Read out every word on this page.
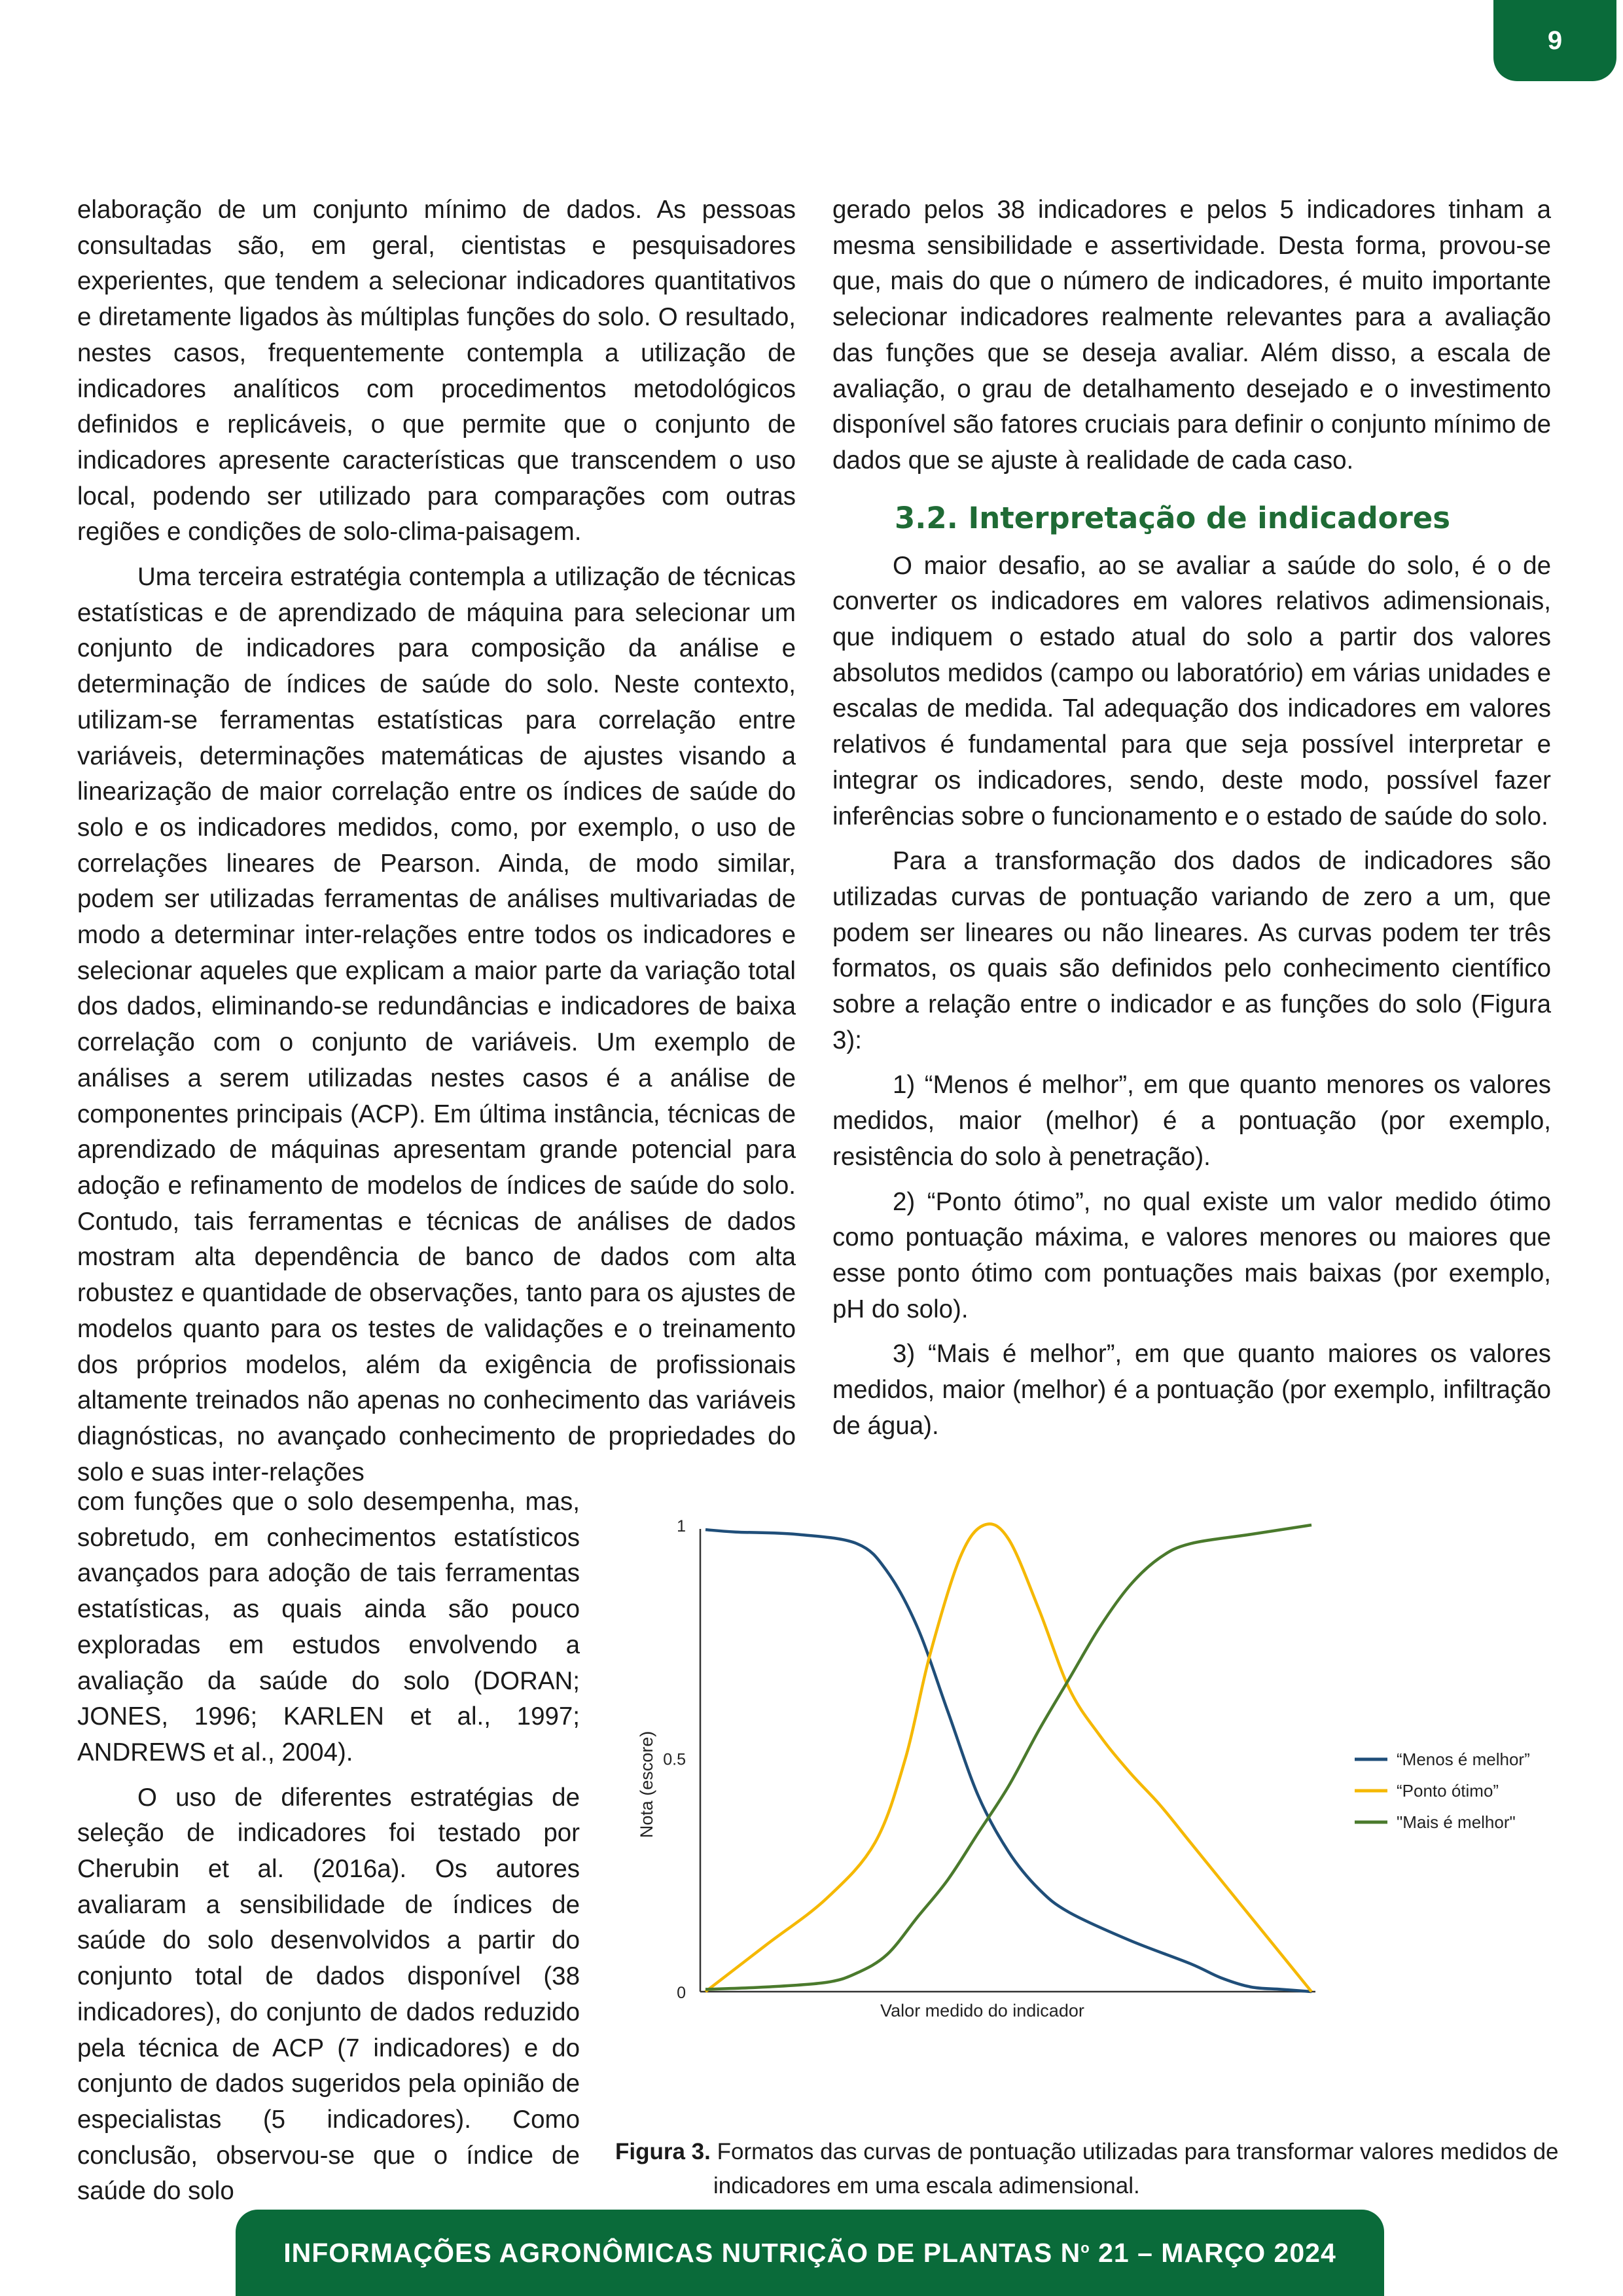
9

elaboração de um conjunto mínimo de dados. As pessoas consultadas são, em geral, cientistas e pesquisadores experientes, que tendem a selecionar indicadores quantitativos e diretamente ligados às múltiplas funções do solo. O resultado, nestes casos, frequentemente contempla a utilização de indicadores analíticos com procedimentos metodológicos definidos e replicáveis, o que permite que o conjunto de indicadores apresente características que transcendem o uso local, podendo ser utilizado para comparações com outras regiões e condições de solo-clima-paisagem.

Uma terceira estratégia contempla a utilização de técnicas estatísticas e de aprendizado de máquina para selecionar um conjunto de indicadores para composição da análise e determinação de índices de saúde do solo. Neste contexto, utilizam-se ferramentas estatísticas para correlação entre variáveis, determinações matemáticas de ajustes visando a linearização de maior correlação entre os índices de saúde do solo e os indicadores medidos, como, por exemplo, o uso de correlações lineares de Pearson. Ainda, de modo similar, podem ser utilizadas ferramentas de análises multivariadas de modo a determinar inter-relações entre todos os indicadores e selecionar aqueles que explicam a maior parte da variação total dos dados, eliminando-se redundâncias e indicadores de baixa correlação com o conjunto de variáveis. Um exemplo de análises a serem utilizadas nestes casos é a análise de componentes principais (ACP). Em última instância, técnicas de aprendizado de máquinas apresentam grande potencial para adoção e refinamento de modelos de índices de saúde do solo. Contudo, tais ferramentas e técnicas de análises de dados mostram alta dependência de banco de dados com alta robustez e quantidade de observações, tanto para os ajustes de modelos quanto para os testes de validações e o treinamento dos próprios modelos, além da exigência de profissionais altamente treinados não apenas no conhecimento das variáveis diagnósticas, no avançado conhecimento de propriedades do solo e suas inter-relações

com funções que o solo desempenha, mas, sobretudo, em conhecimentos estatísticos avançados para adoção de tais ferramentas estatísticas, as quais ainda são pouco exploradas em estudos envolvendo a avaliação da saúde do solo (DORAN; JONES, 1996; KARLEN et al., 1997; ANDREWS et al., 2004).

O uso de diferentes estratégias de seleção de indicadores foi testado por Cherubin et al. (2016a). Os autores avaliaram a sensibilidade de índices de saúde do solo desenvolvidos a partir do conjunto total de dados disponível (38 indicadores), do conjunto de dados reduzido pela técnica de ACP (7 indicadores) e do conjunto de dados sugeridos pela opinião de especialistas (5 indicadores). Como conclusão, observou-se que o índice de saúde do solo

gerado pelos 38 indicadores e pelos 5 indicadores tinham a mesma sensibilidade e assertividade. Desta forma, provou-se que, mais do que o número de indicadores, é muito importante selecionar indicadores realmente relevantes para a avaliação das funções que se deseja avaliar. Além disso, a escala de avaliação, o grau de detalhamento desejado e o investimento disponível são fatores cruciais para definir o conjunto mínimo de dados que se ajuste à realidade de cada caso.

3.2. Interpretação de indicadores

O maior desafio, ao se avaliar a saúde do solo, é o de converter os indicadores em valores relativos adimensionais, que indiquem o estado atual do solo a partir dos valores absolutos medidos (campo ou laboratório) em várias unidades e escalas de medida. Tal adequação dos indicadores em valores relativos é fundamental para que seja possível interpretar e integrar os indicadores, sendo, deste modo, possível fazer inferências sobre o funcionamento e o estado de saúde do solo.

Para a transformação dos dados de indicadores são utilizadas curvas de pontuação variando de zero a um, que podem ser lineares ou não lineares. As curvas podem ter três formatos, os quais são definidos pelo conhecimento científico sobre a relação entre o indicador e as funções do solo (Figura 3):

1) “Menos é melhor”, em que quanto menores os valores medidos, maior (melhor) é a pontuação (por exemplo, resistência do solo à penetração).

2) “Ponto ótimo”, no qual existe um valor medido ótimo como pontuação máxima, e valores menores ou maiores que esse ponto ótimo com pontuações mais baixas (por exemplo, pH do solo).

3) “Mais é melhor”, em que quanto maiores os valores medidos, maior (melhor) é a pontuação (por exemplo, infiltração de água).

0
0.5
1
Valor medido do indicador
Nota (escore)	“Menos é melhor”
“Ponto ótimo”
"Mais é melhor"
Figura 3. Formatos das curvas de pontuação utilizadas para transformar valores medidos de indicadores em uma escala adimensional.
INFORMAÇÕES AGRONÔMICAS NUTRIÇÃO DE PLANTAS $N^o$ 21 – MARÇO 2024
